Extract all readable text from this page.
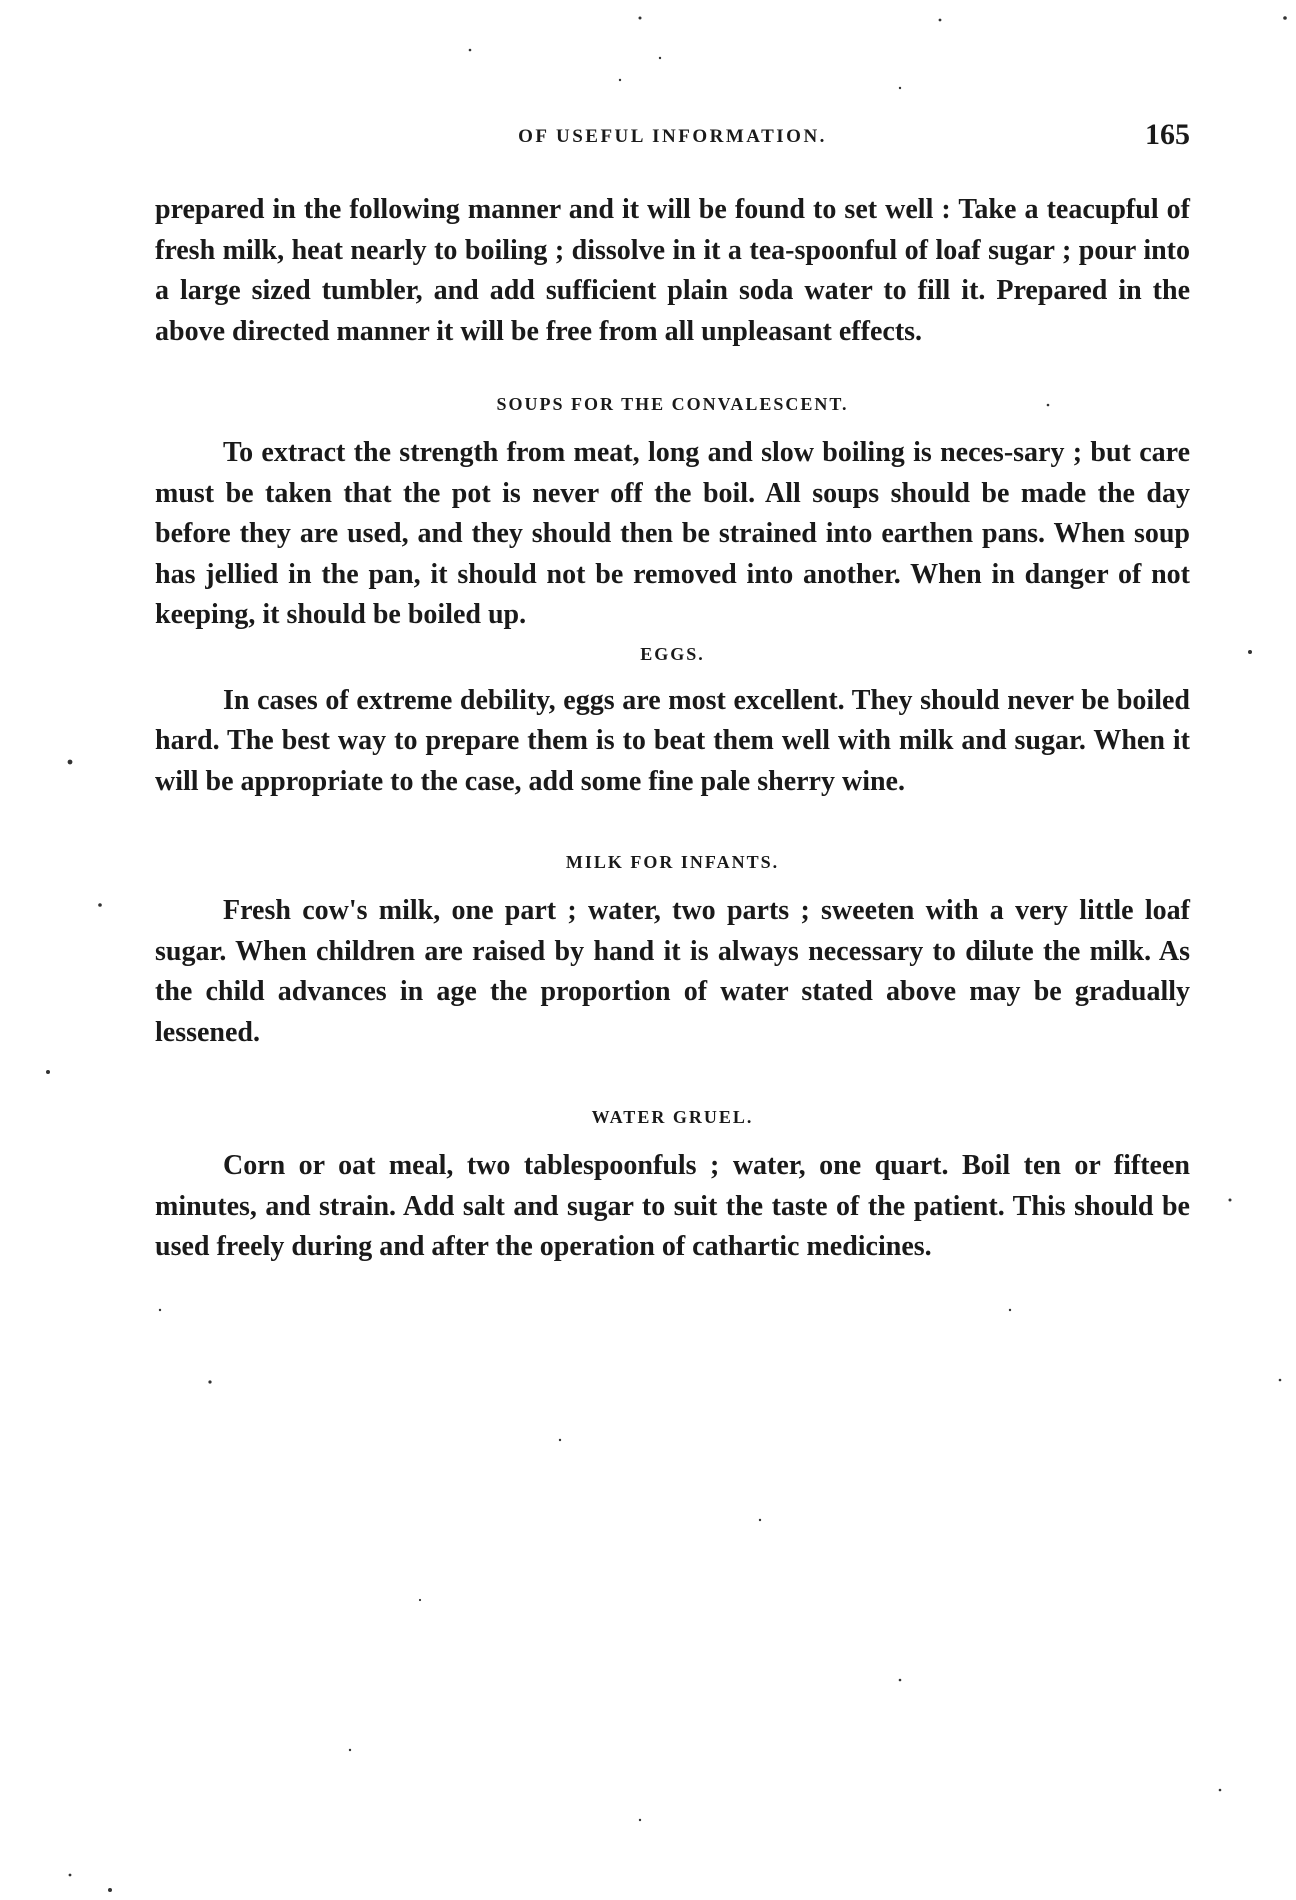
OF USEFUL INFORMATION.	165

prepared in the following manner and it will be found to set well : Take a teacupful of fresh milk, heat nearly to boiling ; dissolve in it a tea-spoonful of loaf sugar ; pour into a large sized tumbler, and add sufficient plain soda water to fill it. Prepared in the above directed manner it will be free from all unpleasant effects.

SOUPS FOR THE CONVALESCENT.

To extract the strength from meat, long and slow boiling is neces-sary ; but care must be taken that the pot is never off the boil. All soups should be made the day before they are used, and they should then be strained into earthen pans. When soup has jellied in the pan, it should not be removed into another. When in danger of not keeping, it should be boiled up.

EGGS.

In cases of extreme debility, eggs are most excellent. They should never be boiled hard. The best way to prepare them is to beat them well with milk and sugar. When it will be appropriate to the case, add some fine pale sherry wine.

MILK FOR INFANTS.

Fresh cow's milk, one part ; water, two parts ; sweeten with a very little loaf sugar. When children are raised by hand it is always necessary to dilute the milk. As the child advances in age the proportion of water stated above may be gradually lessened.

WATER GRUEL.

Corn or oat meal, two tablespoonfuls ; water, one quart. Boil ten or fifteen minutes, and strain. Add salt and sugar to suit the taste of the patient. This should be used freely during and after the operation of cathartic medicines.
